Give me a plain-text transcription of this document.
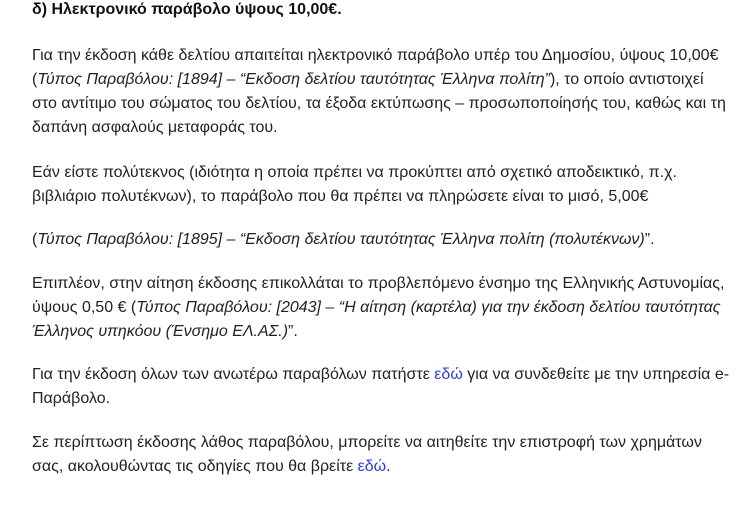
δ) Ηλεκτρονικό παράβολο ύψους 10,00€.

Για την έκδοση κάθε δελτίου απαιτείται ηλεκτρονικό παράβολο υπέρ του Δημοσίου, ύψους 10,00€ (Τύπος Παραβόλου: [1894] – “Εκδοση δελτίου ταυτότητας Έλληνα πολίτη”), το οποίο αντιστοιχεί στο αντίτιμο του σώματος του δελτίου, τα έξοδα εκτύπωσης – προσωποποίησής του, καθώς και τη δαπάνη ασφαλούς μεταφοράς του.

Εάν είστε πολύτεκνος (ιδιότητα η οποία πρέπει να προκύπτει από σχετικό αποδεικτικό, π.χ. βιβλιάριο πολυτέκνων), το παράβολο που θα πρέπει να πληρώσετε είναι το μισό, 5,00€

(Τύπος Παραβόλου: [1895] – “Εκδοση δελτίου ταυτότητας Έλληνα πολίτη (πολυτέκνων)”.

Επιπλέον, στην αίτηση έκδοσης επικολλάται το προβλεπόμενο ένσημο της Ελληνικής Αστυνομίας, ύψους 0,50 € (Τύπος Παραβόλου: [2043] – “Η αίτηση (καρτέλα) για την έκδοση δελτίου ταυτότητας Έλληνος υπηκόου (Ένσημο ΕΛ.ΑΣ.)”.

Για την έκδοση όλων των ανωτέρω παραβόλων πατήστε εδώ για να συνδεθείτε με την υπηρεσία e-Παράβολο.

Σε περίπτωση έκδοσης λάθος παραβόλου, μπορείτε να αιτηθείτε την επιστροφή των χρημάτων σας, ακολουθώντας τις οδηγίες που θα βρείτε εδώ.
